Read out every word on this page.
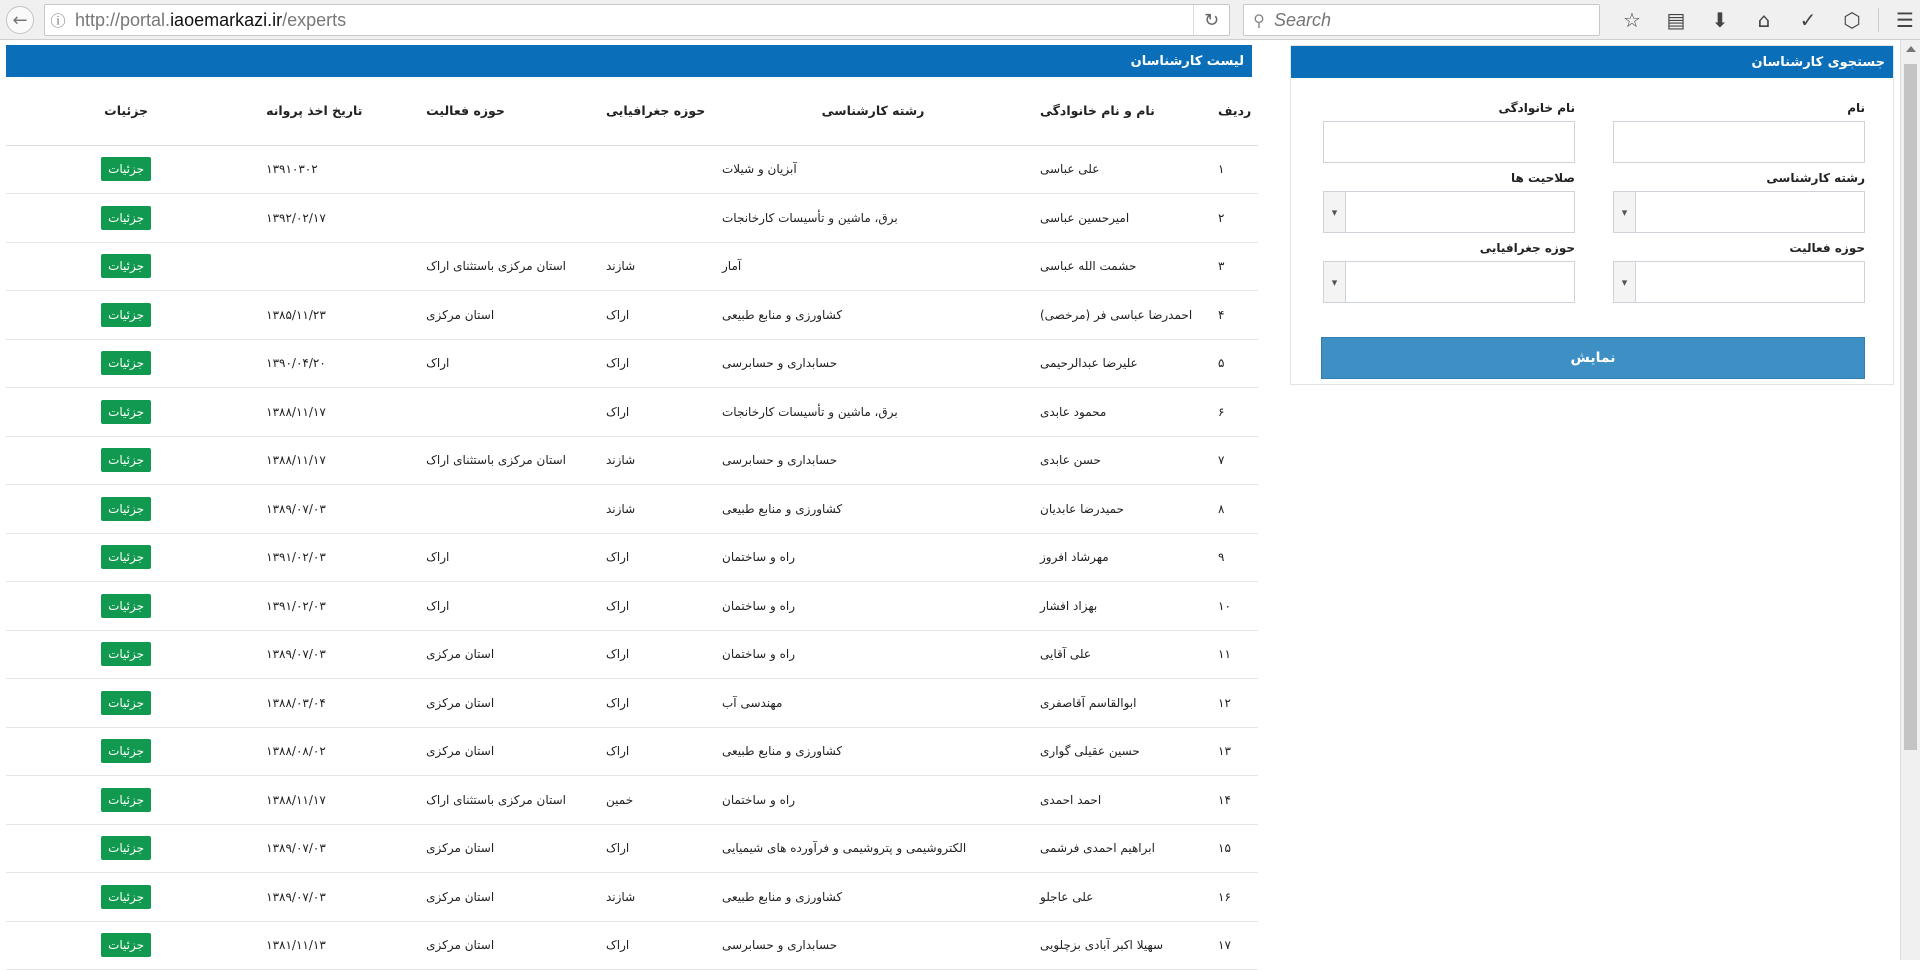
←	ⓘ http://portal.iaoemarkazi.ir/experts	↻	⚲
Search	☆	▤	⬇	⌂	✓	⬡	☰
جستجوی کارشناسان
نام
نام خانوادگی
رشته کارشناسی
▾
صلاحیت ها
▾
حوزه فعالیت
▾
حوزه جغرافیایی
▾
نمایش
لیست کارشناسان
ردیف	نام و نام خانوادگی	رشته کارشناسی	حوزه جغرافیایی	حوزه فعالیت	تاریخ اخذ پروانه	جزئیات
۱	علی عباسی	آبزیان و شیلات			۱۳۹۱۰۳۰۲	جزئیات
۲	امیرحسین عباسی	برق، ماشین و تأسیسات کارخانجات			۱۳۹۲/۰۲/۱۷	جزئیات
۳	حشمت الله عباسی	آمار	شازند	استان مرکزی باستثنای اراک		جزئیات
۴	احمدرضا عباسی فر (مرخصی)	کشاورزی و منابع طبیعی	اراک	استان مرکزی	۱۳۸۵/۱۱/۲۳	جزئیات
۵	علیرضا عبدالرحیمی	حسابداری و حسابرسی	اراک	اراک	۱۳۹۰/۰۴/۲۰	جزئیات
۶	محمود عابدی	برق، ماشین و تأسیسات کارخانجات	اراک		۱۳۸۸/۱۱/۱۷	جزئیات
۷	حسن عابدی	حسابداری و حسابرسی	شازند	استان مرکزی باستثنای اراک	۱۳۸۸/۱۱/۱۷	جزئیات
۸	حمیدرضا عابدیان	کشاورزی و منابع طبیعی	شازند		۱۳۸۹/۰۷/۰۳	جزئیات
۹	مهرشاد افروز	راه و ساختمان	اراک	اراک	۱۳۹۱/۰۲/۰۳	جزئیات
۱۰	بهزاد افشار	راه و ساختمان	اراک	اراک	۱۳۹۱/۰۲/۰۳	جزئیات
۱۱	علی آقایی	راه و ساختمان	اراک	استان مرکزی	۱۳۸۹/۰۷/۰۳	جزئیات
۱۲	ابوالقاسم آقاصفری	مهندسی آب	اراک	استان مرکزی	۱۳۸۸/۰۳/۰۴	جزئیات
۱۳	حسین عقیلی گواری	کشاورزی و منابع طبیعی	اراک	استان مرکزی	۱۳۸۸/۰۸/۰۲	جزئیات
۱۴	احمد احمدی	راه و ساختمان	خمین	استان مرکزی باستثنای اراک	۱۳۸۸/۱۱/۱۷	جزئیات
۱۵	ابراهیم احمدی فرشمی	الکتروشیمی و پتروشیمی و فرآورده های شیمیایی	اراک	استان مرکزی	۱۳۸۹/۰۷/۰۳	جزئیات
۱۶	علی عاجلو	کشاورزی و منابع طبیعی	شازند	استان مرکزی	۱۳۸۹/۰۷/۰۳	جزئیات
۱۷	سهیلا اکبر آبادی بزچلویی	حسابداری و حسابرسی	اراک	استان مرکزی	۱۳۸۱/۱۱/۱۳	جزئیات
